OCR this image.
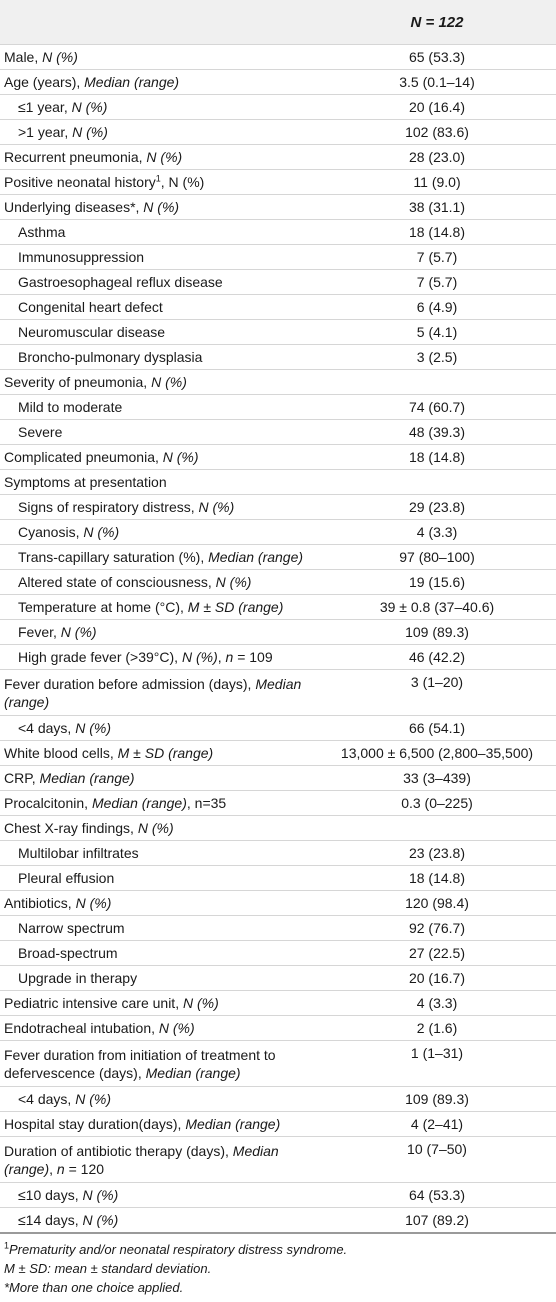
	N = 122
Male, N (%)	65 (53.3)
Age (years), Median (range)	3.5 (0.1–14)
≤1 year, N (%)	20 (16.4)
>1 year, N (%)	102 (83.6)
Recurrent pneumonia, N (%)	28 (23.0)
Positive neonatal history$^1$, N (%)	11 (9.0)
Underlying diseases*, N (%)	38 (31.1)
Asthma	18 (14.8)
Immunosuppression	7 (5.7)
Gastroesophageal reflux disease	7 (5.7)
Congenital heart defect	6 (4.9)
Neuromuscular disease	5 (4.1)
Broncho-pulmonary dysplasia	3 (2.5)
Severity of pneumonia, N (%)	
Mild to moderate	74 (60.7)
Severe	48 (39.3)
Complicated pneumonia, N (%)	18 (14.8)
Symptoms at presentation	
Signs of respiratory distress, N (%)	29 (23.8)
Cyanosis, N (%)	4 (3.3)
Trans-capillary saturation (%), Median (range)	97 (80–100)
Altered state of consciousness, N (%)	19 (15.6)
Temperature at home (°C), M ± SD (range)	39 ± 0.8 (37–40.6)
Fever, N (%)	109 (89.3)
High grade fever (>39°C), N (%), n = 109	46 (42.2)
Fever duration before admission (days), Median (range)	3 (1–20)
<4 days, N (%)	66 (54.1)
White blood cells, M ± SD (range)	13,000 ± 6,500 (2,800–35,500)
CRP, Median (range)	33 (3–439)
Procalcitonin, Median (range), n=35	0.3 (0–225)
Chest X-ray findings, N (%)	
Multilobar infiltrates	23 (23.8)
Pleural effusion	18 (14.8)
Antibiotics, N (%)	120 (98.4)
Narrow spectrum	92 (76.7)
Broad-spectrum	27 (22.5)
Upgrade in therapy	20 (16.7)
Pediatric intensive care unit, N (%)	4 (3.3)
Endotracheal intubation, N (%)	2 (1.6)
Fever duration from initiation of treatment to defervescence (days), Median (range)	1 (1–31)
<4 days, N (%)	109 (89.3)
Hospital stay duration(days), Median (range)	4 (2–41)
Duration of antibiotic therapy (days), Median (range), n = 120	10 (7–50)
≤10 days, N (%)	64 (53.3)
≤14 days, N (%)	107 (89.2)
$^1$Prematurity and/or neonatal respiratory distress syndrome.
M ± SD: mean ± standard deviation.
*More than one choice applied.
